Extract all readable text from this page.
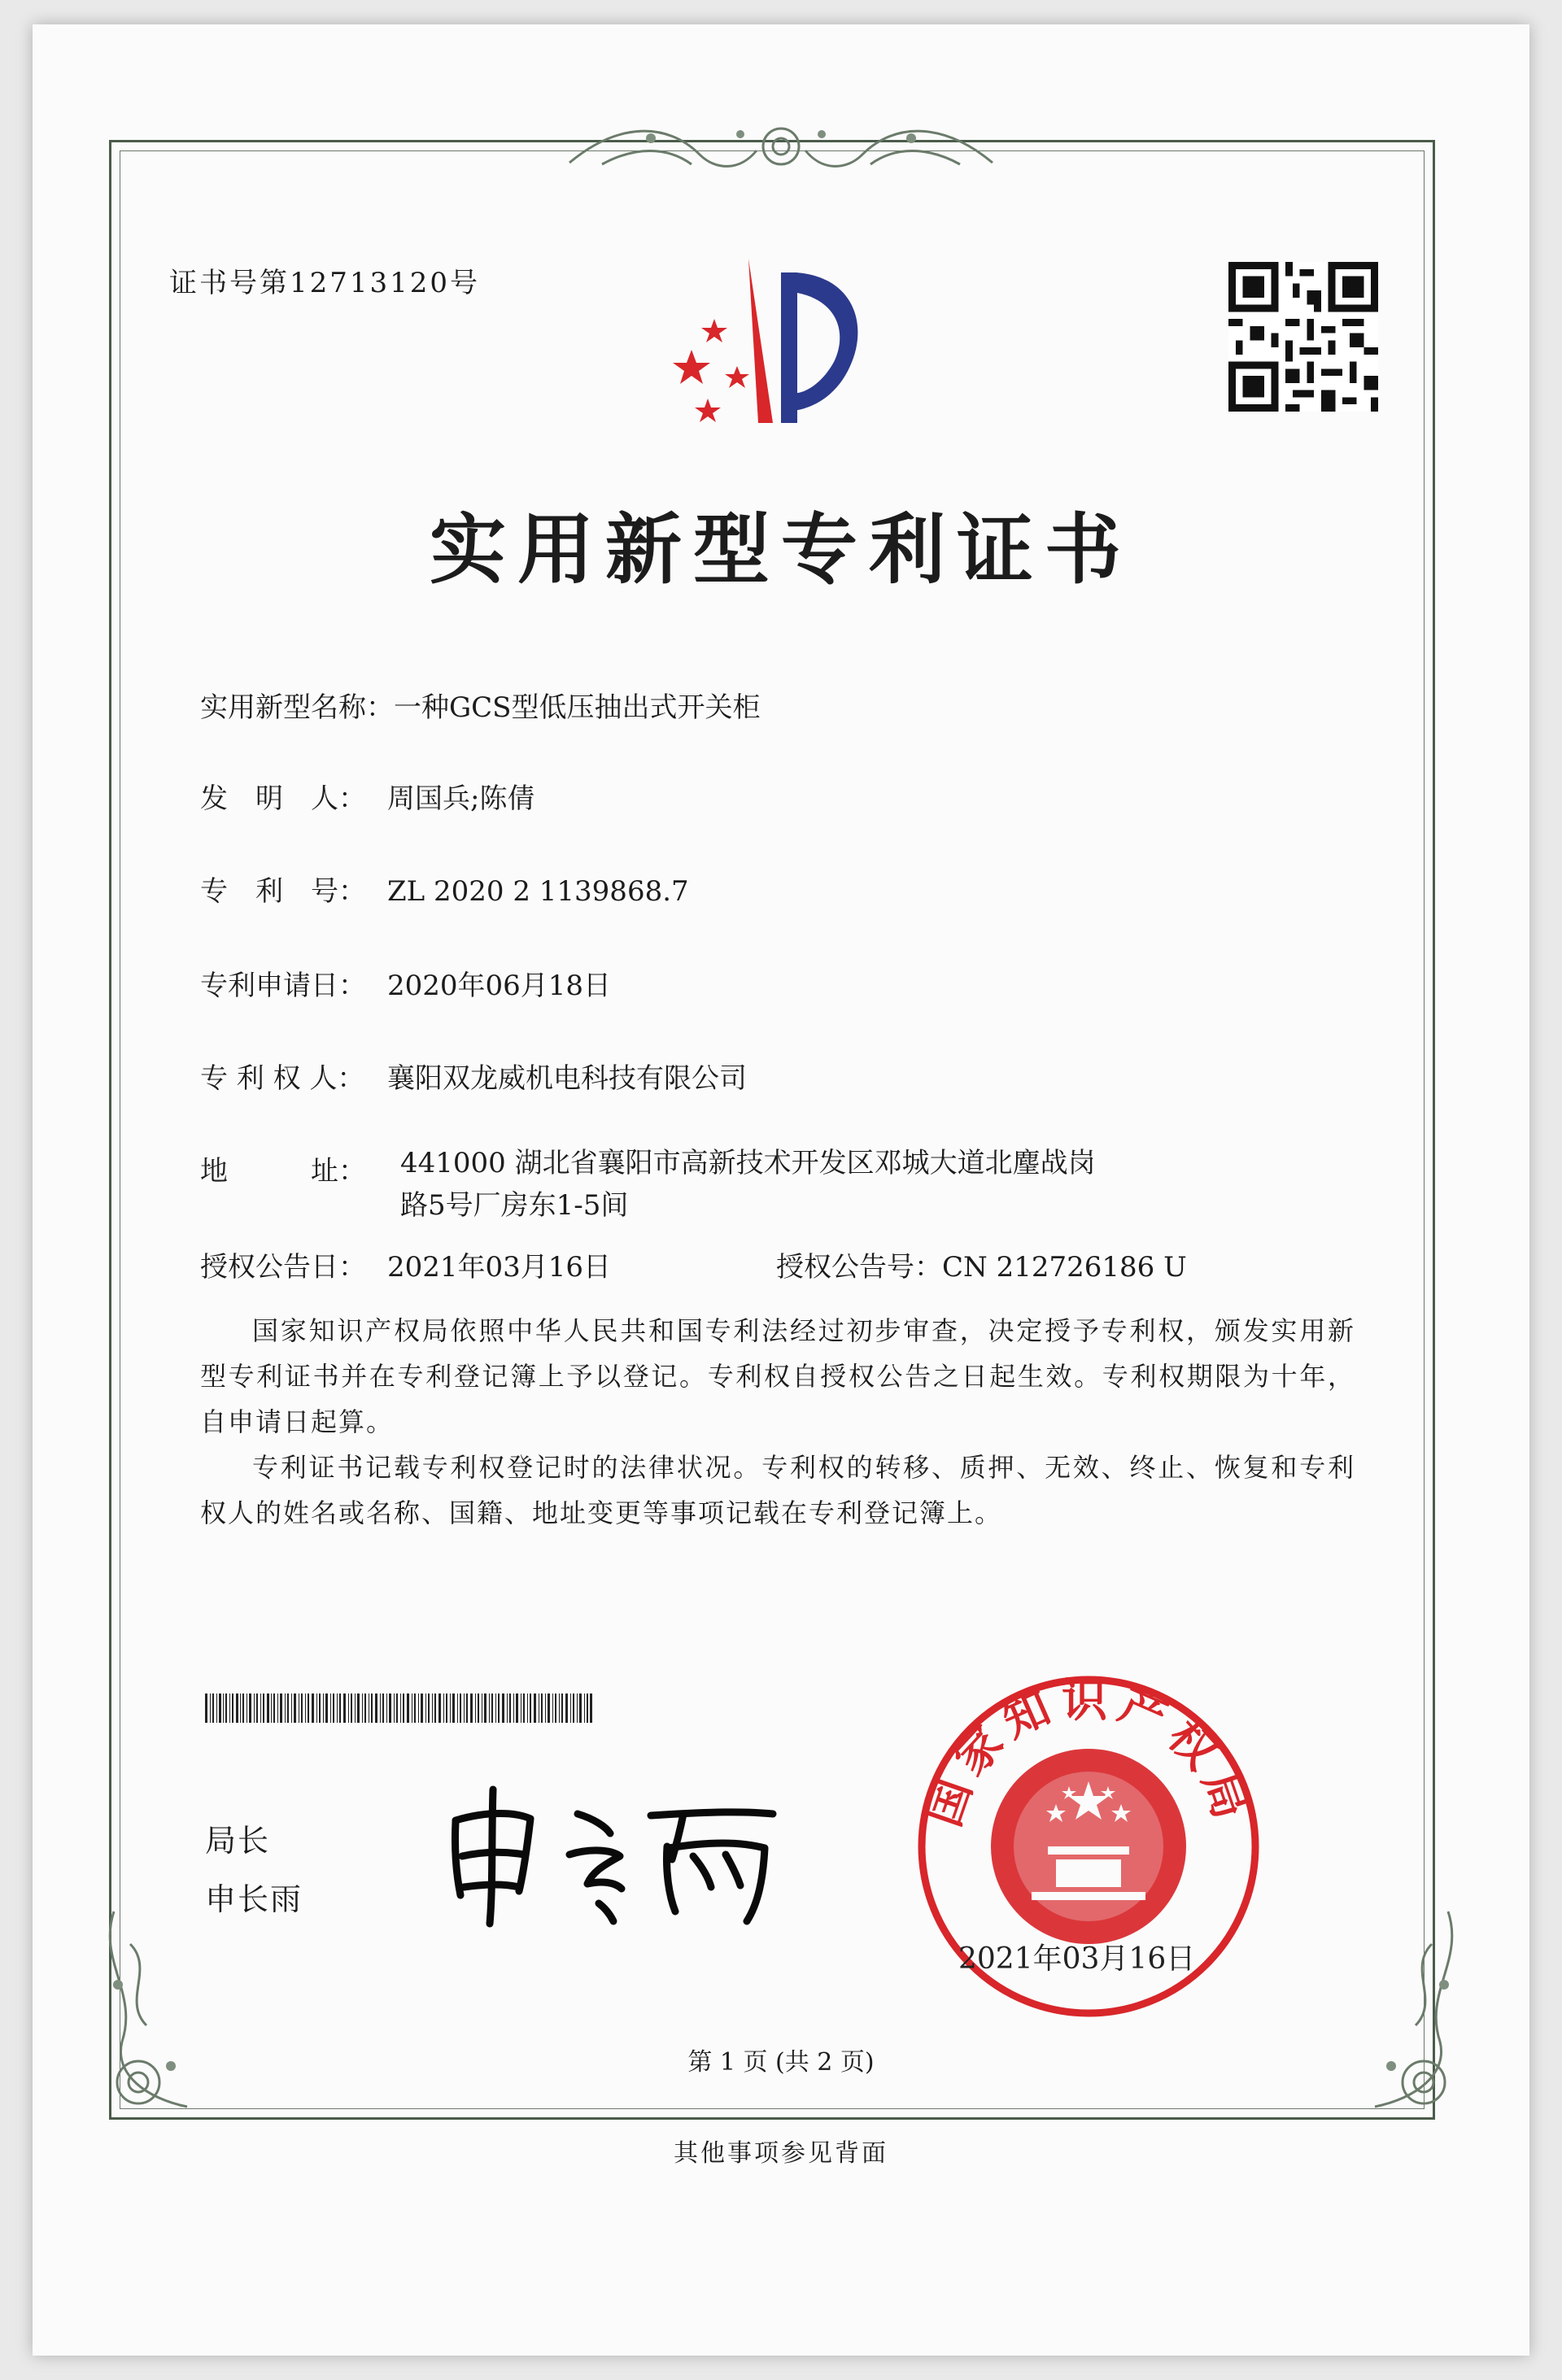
证书号第12713120号
实用新型专利证书
实用新型名称：一种GCS型低压抽出式开关柜
发　明　人： 周国兵;陈倩
专　利　号： ZL 2020 2 1139868.7
专利申请日： 2020年06月18日
专 利 权 人： 襄阳双龙威机电科技有限公司
地　　　址：	441000 湖北省襄阳市高新技术开发区邓城大道北麈战岗
路5号厂房东1-5间
授权公告日： 2021年03月16日	授权公告号：CN 212726186 U
国家知识产权局依照中华人民共和国专利法经过初步审查，决定授予专利权，颁发实用新型专利证书并在专利登记簿上予以登记。专利权自授权公告之日起生效。专利权期限为十年，自申请日起算。
专利证书记载专利权登记时的法律状况。专利权的转移、质押、无效、终止、恢复和专利权人的姓名或名称、国籍、地址变更等事项记载在专利登记簿上。
局长
申长雨
国家知识产权局
2021年03月16日
第 1 页 (共 2 页)
其他事项参见背面
